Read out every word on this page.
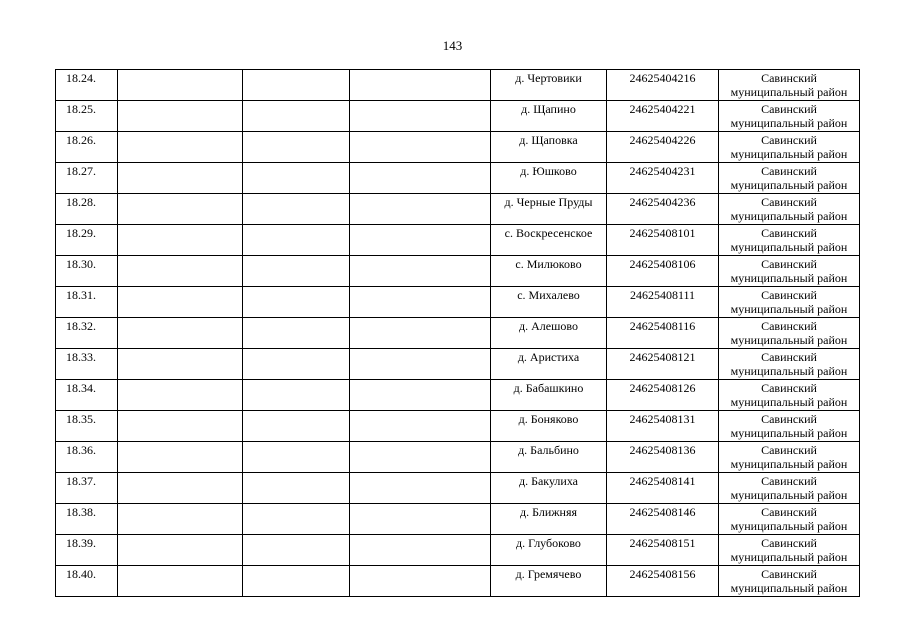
143
18.24.				д. Чертовики	24625404216	Савинский муниципальный район
18.25.				д. Щапино	24625404221	Савинский муниципальный район
18.26.				д. Щаповка	24625404226	Савинский муниципальный район
18.27.				д. Юшково	24625404231	Савинский муниципальный район
18.28.				д. Черные Пруды	24625404236	Савинский муниципальный район
18.29.				с. Воскресенское	24625408101	Савинский муниципальный район
18.30.				с. Милюково	24625408106	Савинский муниципальный район
18.31.				с. Михалево	24625408111	Савинский муниципальный район
18.32.				д. Алешово	24625408116	Савинский муниципальный район
18.33.				д. Аристиха	24625408121	Савинский муниципальный район
18.34.				д. Бабашкино	24625408126	Савинский муниципальный район
18.35.				д. Боняково	24625408131	Савинский муниципальный район
18.36.				д. Бальбино	24625408136	Савинский муниципальный район
18.37.				д. Бакулиха	24625408141	Савинский муниципальный район
18.38.				д. Ближняя	24625408146	Савинский муниципальный район
18.39.				д. Глубоково	24625408151	Савинский муниципальный район
18.40.				д. Гремячево	24625408156	Савинский муниципальный район
